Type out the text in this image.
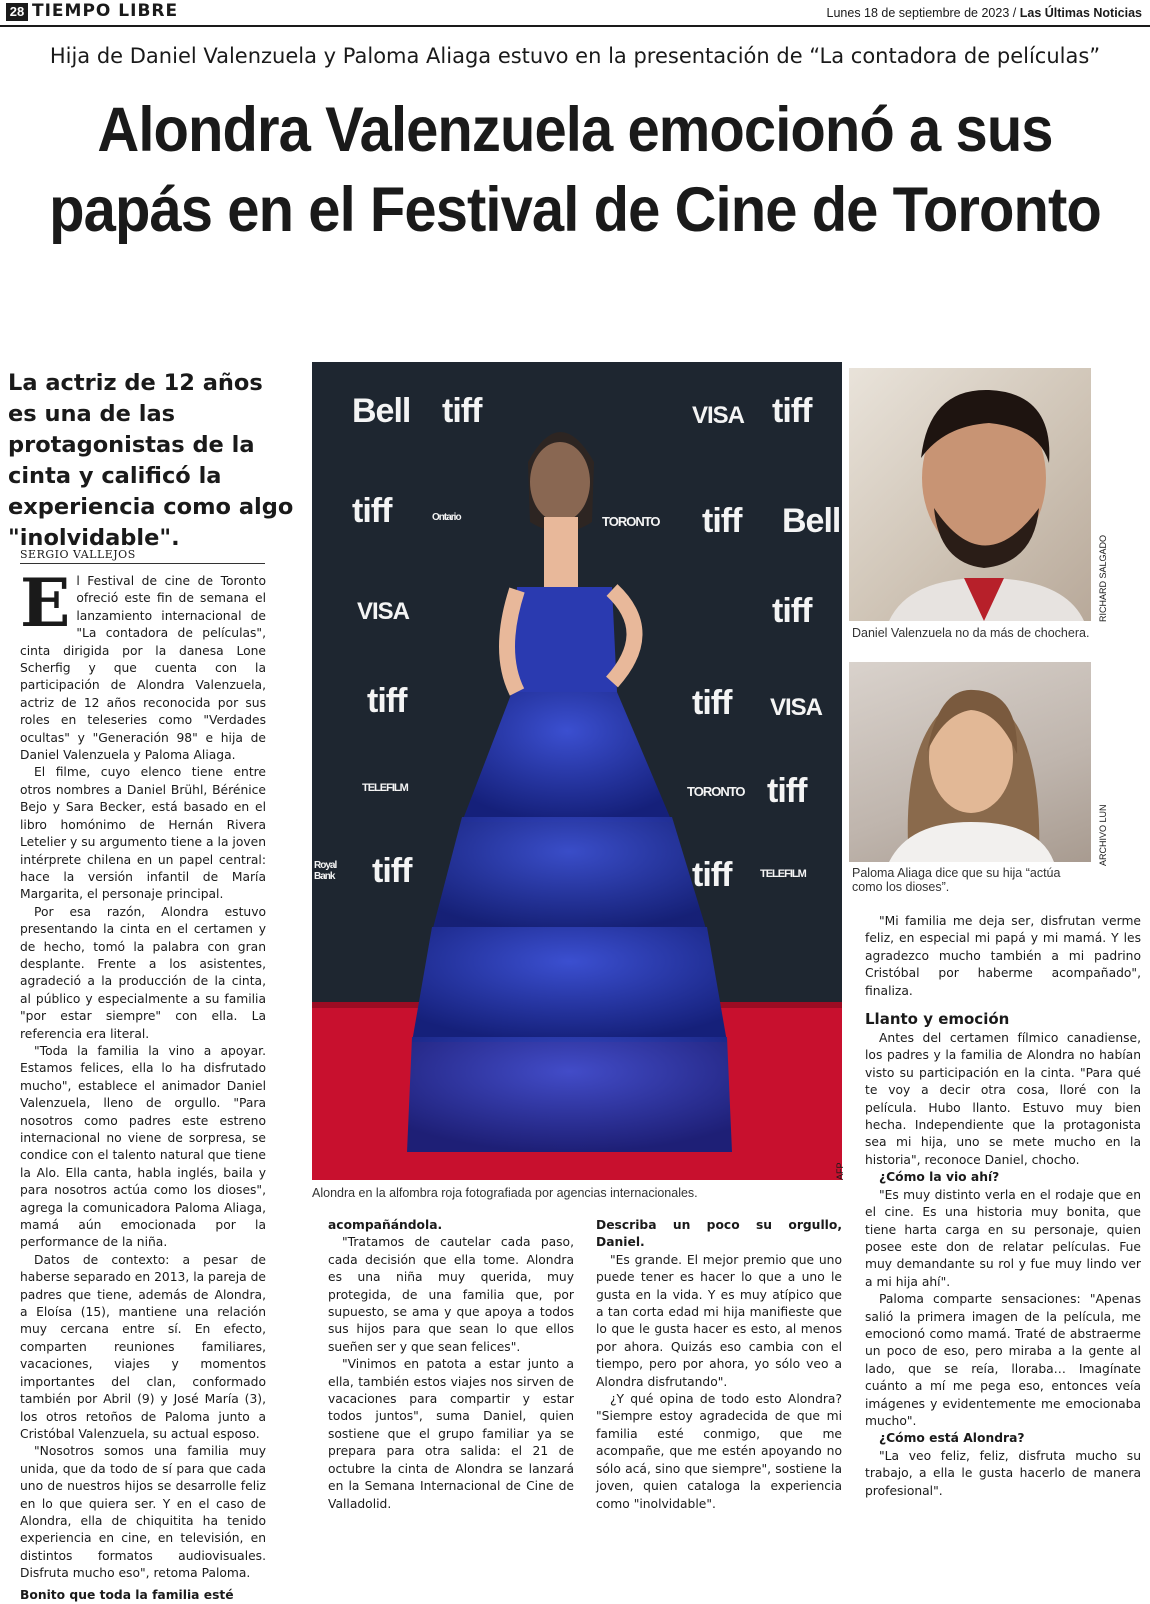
28 TIEMPO LIBRE	Lunes 18 de septiembre de 2023 / Las Últimas Noticias
Hija de Daniel Valenzuela y Paloma Aliaga estuvo en la presentación de “La contadora de películas”
Alondra Valenzuela emocionó a sus papás en el Festival de Cine de Toronto
La actriz de 12 años es una de las protagonistas de la cinta y calificó la experiencia como algo "inolvidable".
SERGIO VALLEJOS

El Festival de cine de Toronto ofreció este fin de semana el lanzamiento internacional de "La contadora de películas", cinta dirigida por la danesa Lone Scherfig y que cuenta con la participación de Alondra Valenzuela, actriz de 12 años reconocida por sus roles en teleseries como "Verdades ocultas" y "Generación 98" e hija de Daniel Valenzuela y Paloma Aliaga.

El filme, cuyo elenco tiene entre otros nombres a Daniel Brühl, Bérénice Bejo y Sara Becker, está basado en el libro homónimo de Hernán Rivera Letelier y su argumento tiene a la joven intérprete chilena en un papel central: hace la versión infantil de María Margarita, el personaje principal.

Por esa razón, Alondra estuvo presentando la cinta en el certamen y de hecho, tomó la palabra con gran desplante. Frente a los asistentes, agradeció a la producción de la cinta, al público y especialmente a su familia "por estar siempre" con ella. La referencia era literal.

"Toda la familia la vino a apoyar. Estamos felices, ella lo ha disfrutado mucho", establece el animador Daniel Valenzuela, lleno de orgullo. "Para nosotros como padres este estreno internacional no viene de sorpresa, se condice con el talento natural que tiene la Alo. Ella canta, habla inglés, baila y para nosotros actúa como los dioses", agrega la comunicadora Paloma Aliaga, mamá aún emocionada por la performance de la niña.

Datos de contexto: a pesar de haberse separado en 2013, la pareja de padres que tiene, además de Alondra, a Eloísa (15), mantiene una relación muy cercana entre sí. En efecto, comparten reuniones familiares, vacaciones, viajes y momentos importantes del clan, conformado también por Abril (9) y José María (3), los otros retoños de Paloma junto a Cristóbal Valenzuela, su actual esposo.

"Nosotros somos una familia muy unida, que da todo de sí para que cada uno de nuestros hijos se desarrolle feliz en lo que quiera ser. Y en el caso de Alondra, ella de chiquitita ha tenido experiencia en cine, en televisión, en distintos formatos audiovisuales. Disfruta mucho eso", retoma Paloma.

Bonito que toda la familia esté
Bell tiff	VISA tiff
tiff	Ontario	TORONTO tiff Bell
VISA	tiff
tiff	tiff VISA
TELEFILM	TORONTO tiff
Royal Bank tiff	tiff	TELEFILM
Alondra en la alfombra roja fotografiada por agencias internacionales.
AFP
RICHARD SALGADO
Daniel Valenzuela no da más de chochera.
ARCHIVO LUN
Paloma Aliaga dice que su hija “actúa como los dioses”.
acompañándola.

"Tratamos de cautelar cada paso, cada decisión que ella tome. Alondra es una niña muy querida, muy protegida, de una familia que, por supuesto, se ama y que apoya a todos sus hijos para que sean lo que ellos sueñen ser y que sean felices".

"Vinimos en patota a estar junto a ella, también estos viajes nos sirven de vacaciones para compartir y estar todos juntos", suma Daniel, quien sostiene que el grupo familiar ya se prepara para otra salida: el 21 de octubre la cinta de Alondra se lanzará en la Semana Internacional de Cine de Valladolid.

Describa un poco su orgullo, Daniel.

"Es grande. El mejor premio que uno puede tener es hacer lo que a uno le gusta en la vida. Y es muy atípico que a tan corta edad mi hija manifieste que lo que le gusta hacer es esto, al menos por ahora. Quizás eso cambia con el tiempo, pero por ahora, yo sólo veo a Alondra disfrutando".

¿Y qué opina de todo esto Alondra? "Siempre estoy agradecida de que mi familia esté conmigo, que me acompañe, que me estén apoyando no sólo acá, sino que siempre", sostiene la joven, quien cataloga la experiencia como "inolvidable".

"Mi familia me deja ser, disfrutan verme feliz, en especial mi papá y mi mamá. Y les agradezco mucho también a mi padrino Cristóbal por haberme acompañado", finaliza.

Llanto y emoción

Antes del certamen fílmico canadiense, los padres y la familia de Alondra no habían visto su participación en la cinta. "Para qué te voy a decir otra cosa, lloré con la película. Hubo llanto. Estuvo muy bien hecha. Independiente que la protagonista sea mi hija, uno se mete mucho en la historia", reconoce Daniel, chocho.

¿Cómo la vio ahí?

"Es muy distinto verla en el rodaje que en el cine. Es una historia muy bonita, que tiene harta carga en su personaje, quien posee este don de relatar películas. Fue muy demandante su rol y fue muy lindo ver a mi hija ahí".

Paloma comparte sensaciones: "Apenas salió la primera imagen de la película, me emocionó como mamá. Traté de abstraerme un poco de eso, pero miraba a la gente al lado, que se reía, lloraba… Imagínate cuánto a mí me pega eso, entonces veía imágenes y evidentemente me emocionaba mucho".

¿Cómo está Alondra?

"La veo feliz, feliz, disfruta mucho su trabajo, a ella le gusta hacerlo de manera profesional".
